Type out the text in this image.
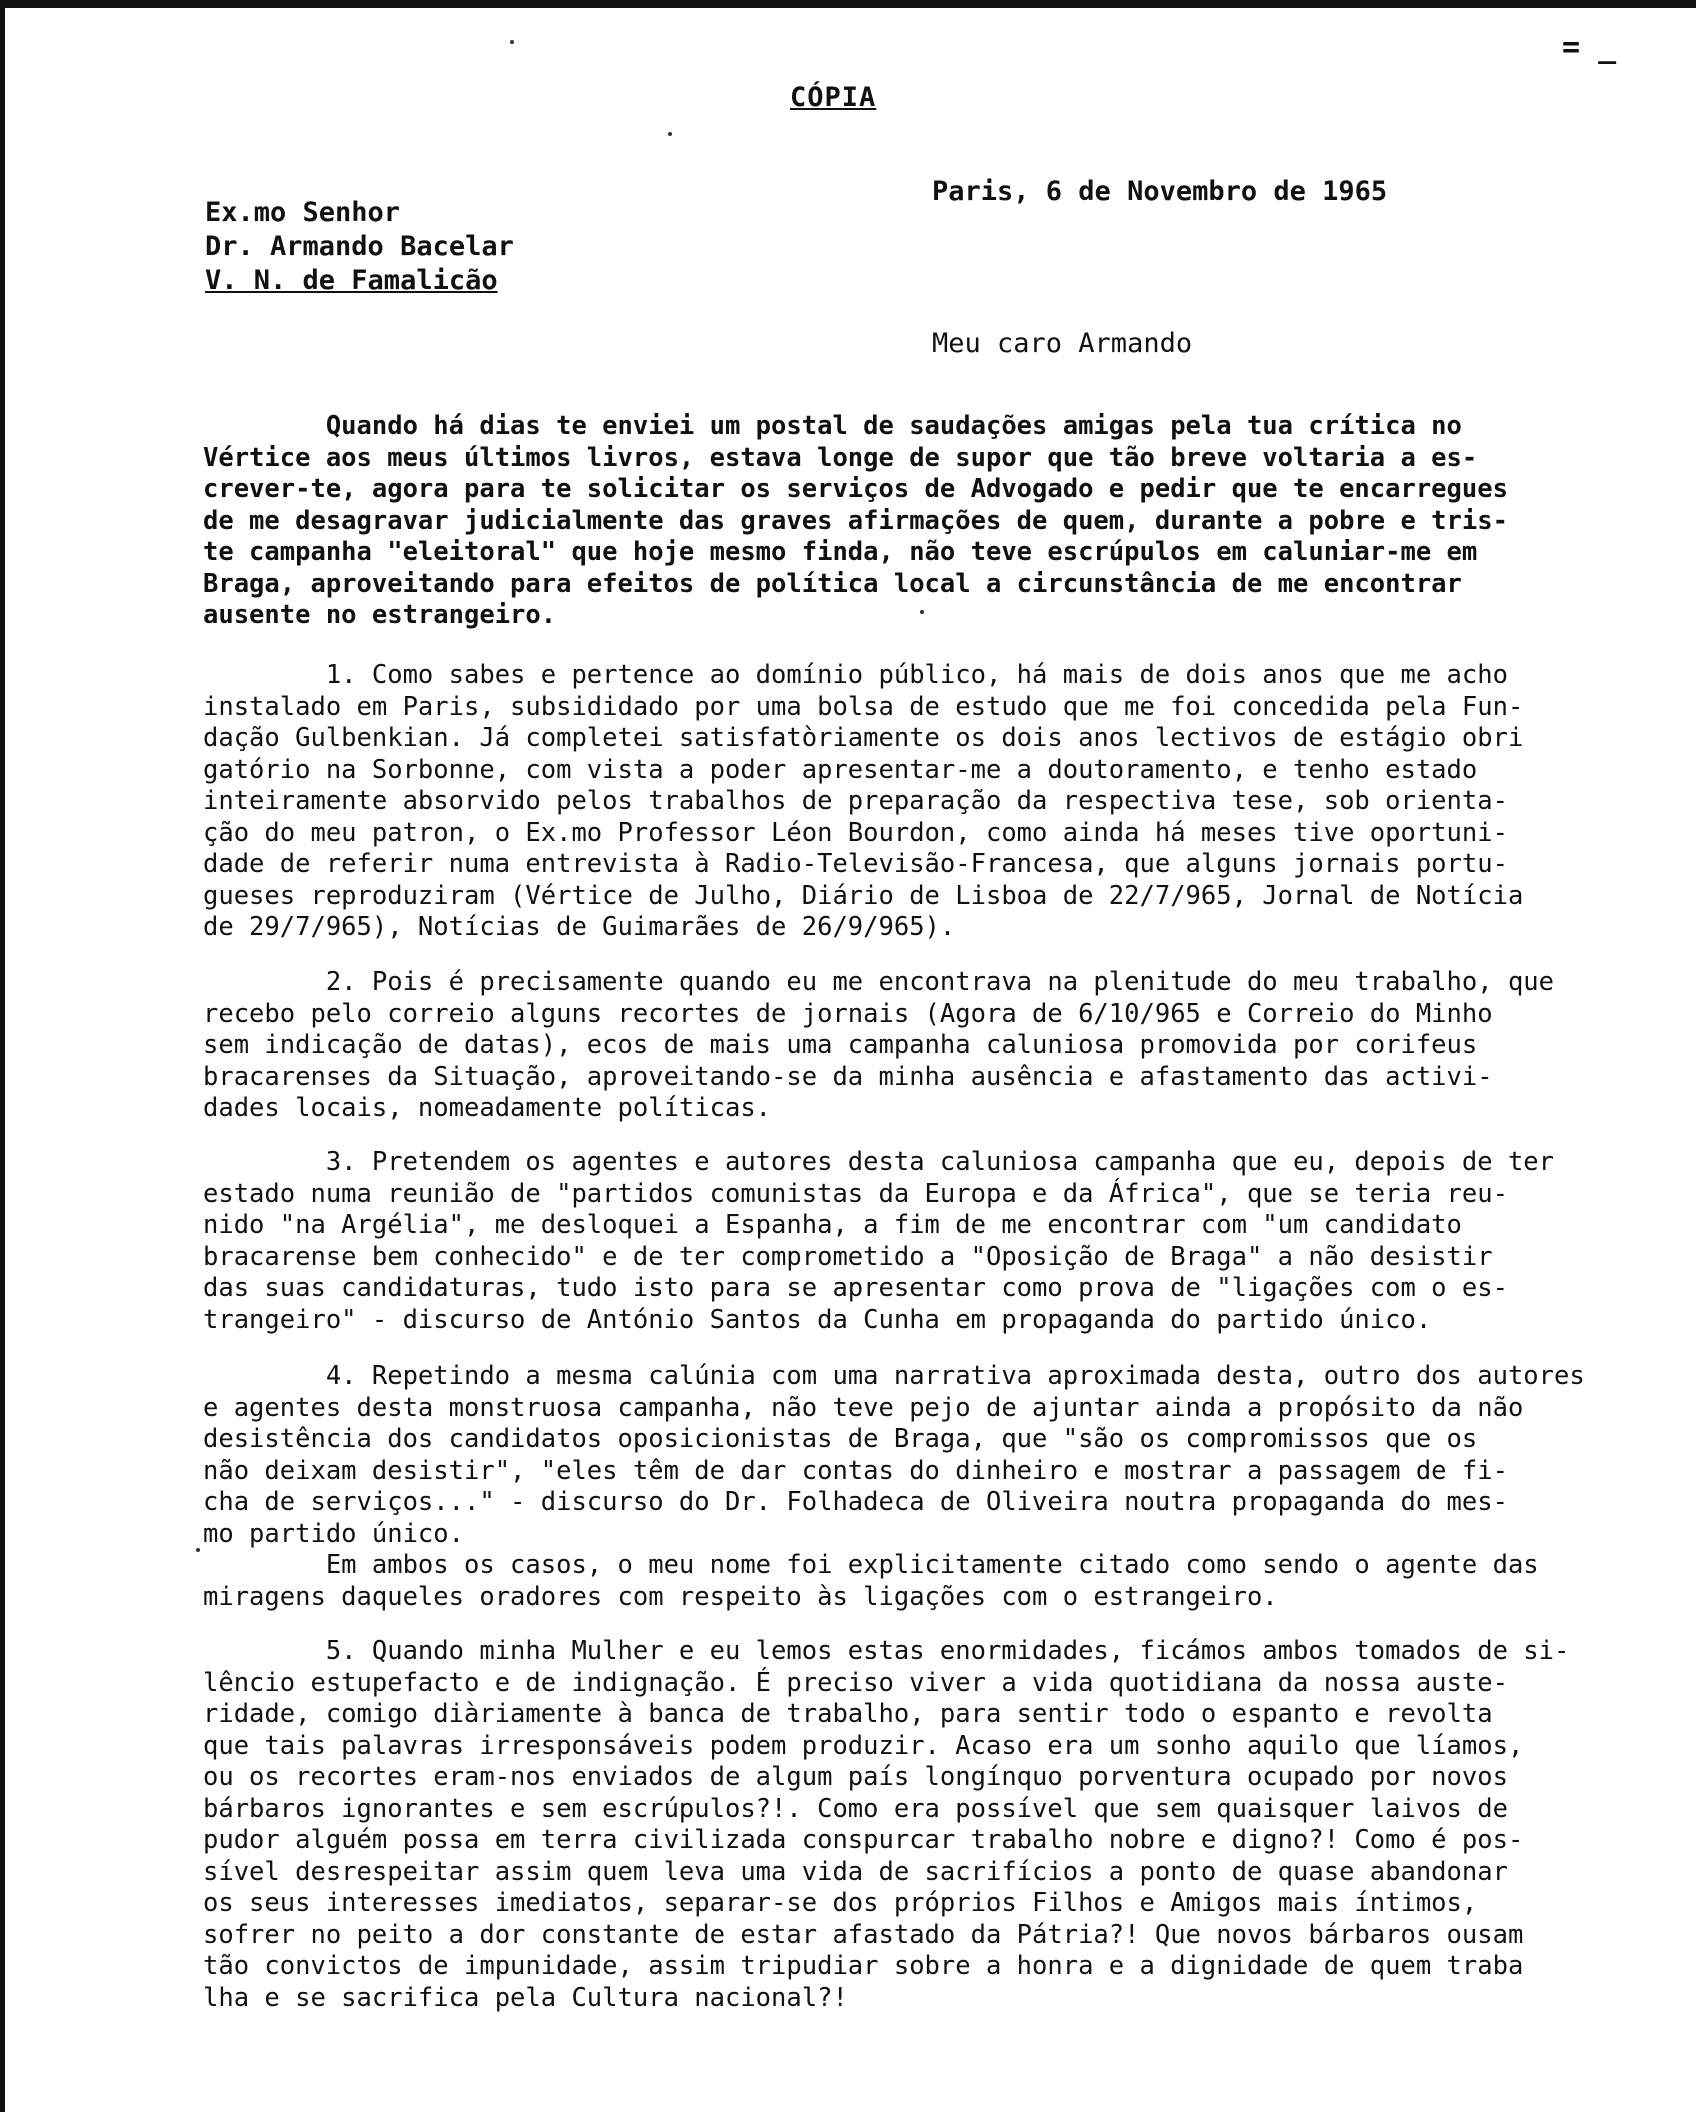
= _
CÓPIA
Paris, 6 de Novembro de 1965
Ex.mo Senhor
Dr. Armando Bacelar
V. N. de Famalicão
Meu caro Armando
Quando há dias te enviei um postal de saudações amigas pela tua crítica no
Vértice aos meus últimos livros, estava longe de supor que tão breve voltaria a es-
crever-te, agora para te solicitar os serviços de Advogado e pedir que te encarregues
de me desagravar judicialmente das graves afirmações de quem, durante a pobre e tris-
te campanha "eleitoral" que hoje mesmo finda, não teve escrúpulos em caluniar-me em
Braga, aproveitando para efeitos de política local a circunstância de me encontrar
ausente no estrangeiro.
1. Como sabes e pertence ao domínio público, há mais de dois anos que me acho
instalado em Paris, subsididado por uma bolsa de estudo que me foi concedida pela Fun-
dação Gulbenkian. Já completei satisfatòriamente os dois anos lectivos de estágio obri
gatório na Sorbonne, com vista a poder apresentar-me a doutoramento, e tenho estado
inteiramente absorvido pelos trabalhos de preparação da respectiva tese, sob orienta-
ção do meu patron, o Ex.mo Professor Léon Bourdon, como ainda há meses tive oportuni-
dade de referir numa entrevista à Radio-Televisão-Francesa, que alguns jornais portu-
gueses reproduziram (Vértice de Julho, Diário de Lisboa de 22/7/965, Jornal de Notícia
de 29/7/965), Notícias de Guimarães de 26/9/965).
2. Pois é precisamente quando eu me encontrava na plenitude do meu trabalho, que
recebo pelo correio alguns recortes de jornais (Agora de 6/10/965 e Correio do Minho
sem indicação de datas), ecos de mais uma campanha caluniosa promovida por corifeus
bracarenses da Situação, aproveitando-se da minha ausência e afastamento das activi-
dades locais, nomeadamente políticas.
3. Pretendem os agentes e autores desta caluniosa campanha que eu, depois de ter
estado numa reunião de "partidos comunistas da Europa e da África", que se teria reu-
nido "na Argélia", me desloquei a Espanha, a fim de me encontrar com "um candidato
bracarense bem conhecido" e de ter comprometido a "Oposição de Braga" a não desistir
das suas candidaturas, tudo isto para se apresentar como prova de "ligações com o es-
trangeiro" - discurso de António Santos da Cunha em propaganda do partido único.
4. Repetindo a mesma calúnia com uma narrativa aproximada desta, outro dos autores
e agentes desta monstruosa campanha, não teve pejo de ajuntar ainda a propósito da não
desistência dos candidatos oposicionistas de Braga, que "são os compromissos que os
não deixam desistir", "eles têm de dar contas do dinheiro e mostrar a passagem de fi-
cha de serviços..." - discurso do Dr. Folhadeca de Oliveira noutra propaganda do mes-
mo partido único.
Em ambos os casos, o meu nome foi explicitamente citado como sendo o agente das
miragens daqueles oradores com respeito às ligações com o estrangeiro.
5. Quando minha Mulher e eu lemos estas enormidades, ficámos ambos tomados de si-
lêncio estupefacto e de indignação. É preciso viver a vida quotidiana da nossa auste-
ridade, comigo diàriamente à banca de trabalho, para sentir todo o espanto e revolta
que tais palavras irresponsáveis podem produzir. Acaso era um sonho aquilo que líamos,
ou os recortes eram-nos enviados de algum país longínquo porventura ocupado por novos
bárbaros ignorantes e sem escrúpulos?!. Como era possível que sem quaisquer laivos de
pudor alguém possa em terra civilizada conspurcar trabalho nobre e digno?! Como é pos-
sível desrespeitar assim quem leva uma vida de sacrifícios a ponto de quase abandonar
os seus interesses imediatos, separar-se dos próprios Filhos e Amigos mais íntimos,
sofrer no peito a dor constante de estar afastado da Pátria?! Que novos bárbaros ousam
tão convictos de impunidade, assim tripudiar sobre a honra e a dignidade de quem traba
lha e se sacrifica pela Cultura nacional?!
